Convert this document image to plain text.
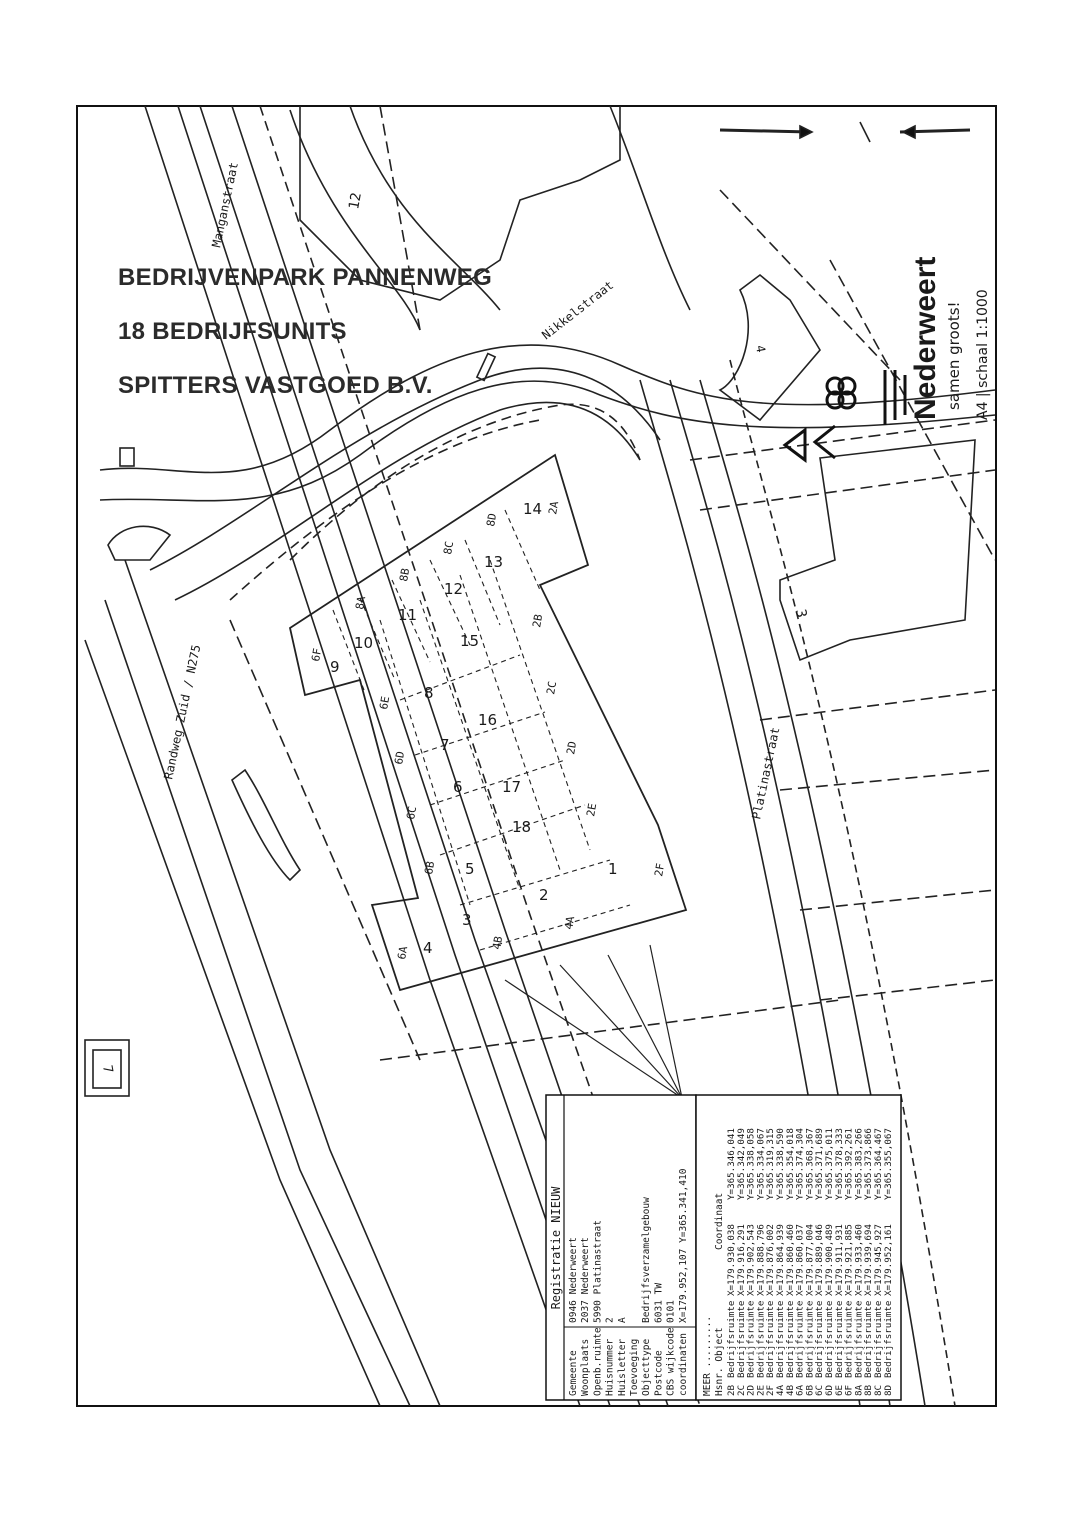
Manganstraat
Nikkelstraat
Randweg Zuid / N275	Platinastraat
12
4
3
7
1
2
3
4
5
6
7
8
9
10
11
12
13
14
15
16
17
18
6A
6B
6C
6D
6E
6F
8A
8B
8C
8D
2A
2B
2C
2D
2E
2F
4A
4B
Nederweert samen groots! A4 | schaal 1:1000
Registratie NIEUW
Gemeente
0946 Nederweert
Woonplaats
2037 Nederweert
Openb.ruimte
5990 Platinastraat
Huisnummer
2
Huisletter
A
Toevoeging Objecttype
Bedrijfsverzamelgebouw
Postcode
6031 TW
CBS wijkcode
0101
coordinaten
X=179.952,107 Y=365.341,410
MEER ......... Hsnr. Object
Coordinaat
2B
Bedrijfsruimte
X=179.930,038
Y=365.346,041
2C
Bedrijfsruimte
X=179.916,291
Y=365.342,049
2D
Bedrijfsruimte
X=179.902,543
Y=365.338,058
2E
Bedrijfsruimte
X=179.888,796
Y=365.334,067
2F
Bedrijfsruimte
X=179.876,002
Y=365.319,315
4A
Bedrijfsruimte
X=179.864,939
Y=365.338,590
4B
Bedrijfsruimte
X=179.860,460
Y=365.354,018
6A
Bedrijfsruimte
X=179.860,037
Y=365.374,304
6B
Bedrijfsruimte
X=179.877,004
Y=365.368,367
6C
Bedrijfsruimte
X=179.889,046
Y=365.371,689
6D
Bedrijfsruimte
X=179.900,489
Y=365.375,011
6E
Bedrijfsruimte
X=179.911,931
Y=365.378,333
6F
Bedrijfsruimte
X=179.921,885
Y=365.392,261
8A
Bedrijfsruimte
X=179.933,460
Y=365.383,266
8B
Bedrijfsruimte
X=179.939,694
Y=365.373,866
8C
Bedrijfsruimte
X=179.945,927
Y=365.364,467
8D
Bedrijfsruimte
X=179.952,161
Y=365.355,067
BEDRIJVENPARK PANNENWEG
18 BEDRIJFSUNITS
SPITTERS VASTGOED B.V.
